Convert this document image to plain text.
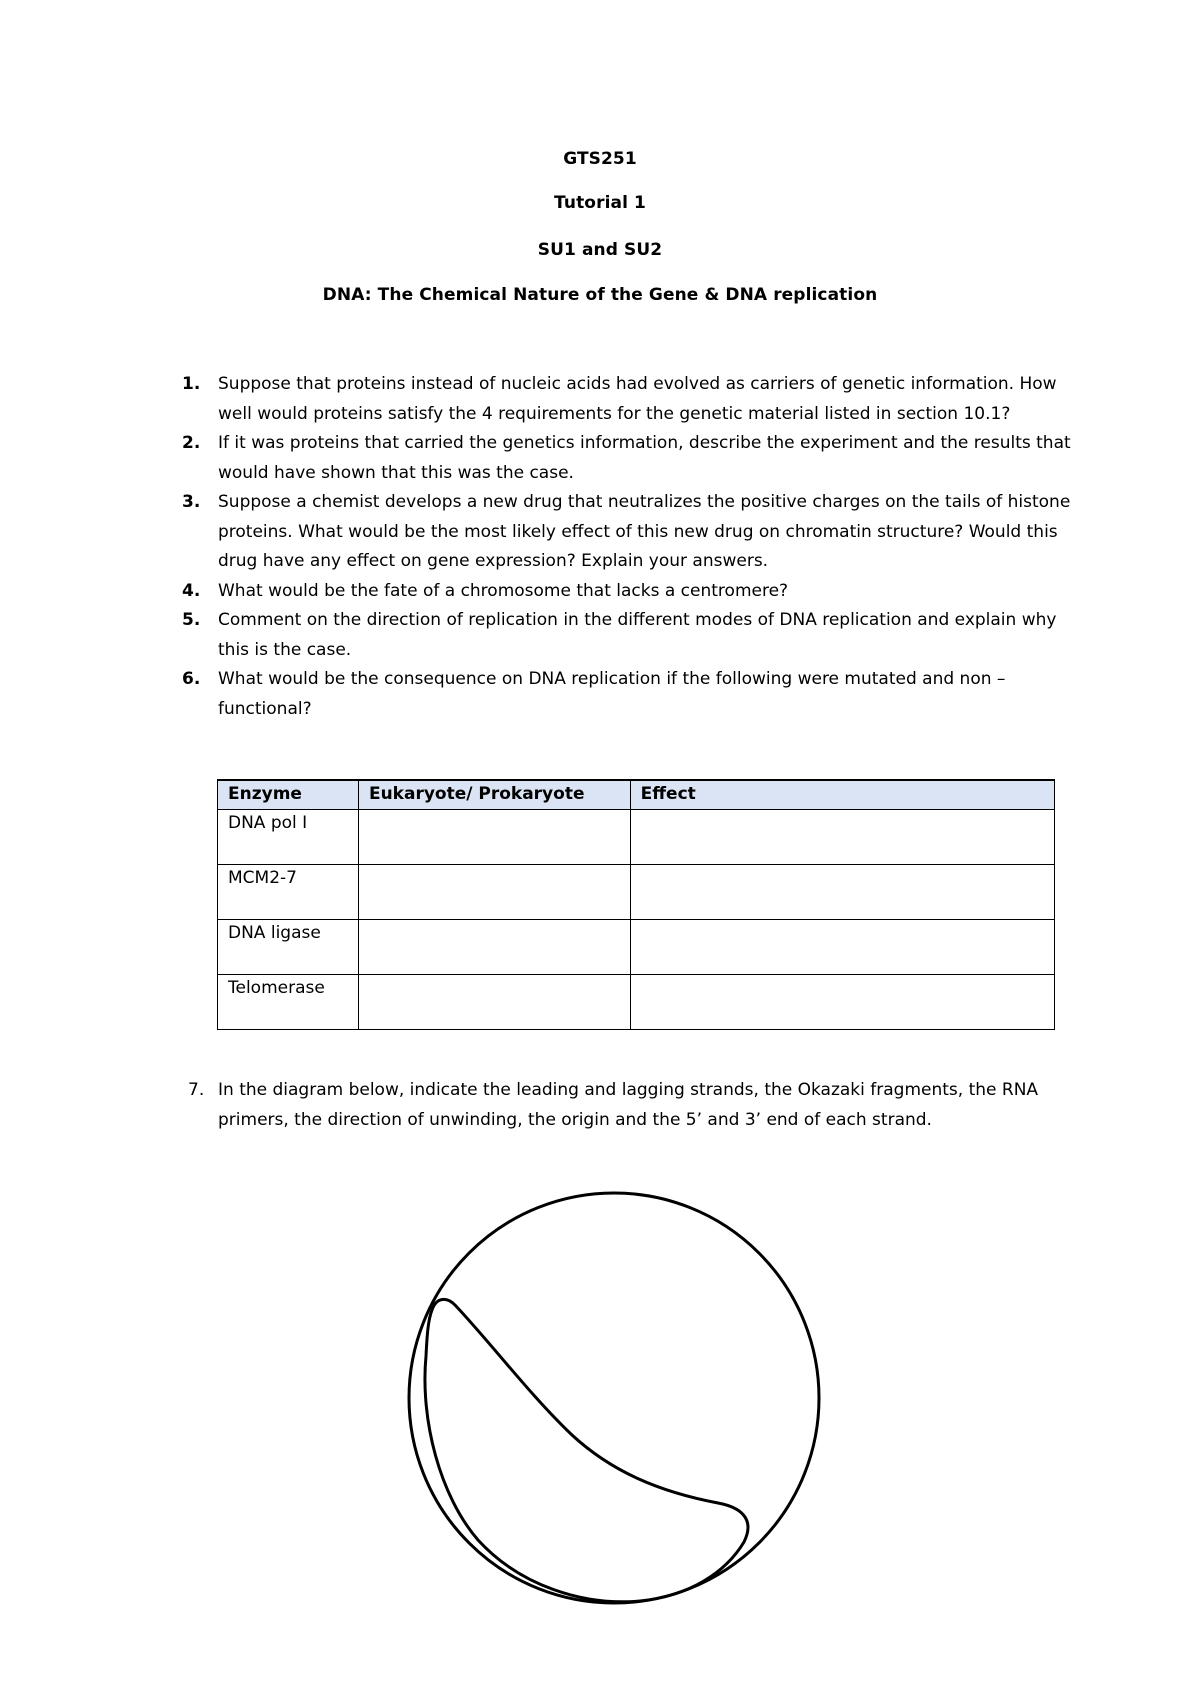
GTS251
Tutorial 1
SU1 and SU2
DNA: The Chemical Nature of the Gene & DNA replication
1.	Suppose that proteins instead of nucleic acids had evolved as carriers of genetic information. How well would proteins satisfy the 4 requirements for the genetic material listed in section 10.1?
2.	If it was proteins that carried the genetics information, describe the experiment and the results that would have shown that this was the case.
3.	Suppose a chemist develops a new drug that neutralizes the positive charges on the tails of histone proteins. What would be the most likely effect of this new drug on chromatin structure? Would this drug have any effect on gene expression? Explain your answers.
4.	What would be the fate of a chromosome that lacks a centromere?
5.	Comment on the direction of replication in the different modes of DNA replication and explain why this is the case.
6.	What would be the consequence on DNA replication if the following were mutated and non –functional?
Enzyme	Eukaryote/ Prokaryote	Effect
DNA pol I		
MCM2-7		
DNA ligase		
Telomerase		
7. In the diagram below, indicate the leading and lagging strands, the Okazaki fragments, the RNA primers, the direction of unwinding, the origin and the 5’ and 3’ end of each strand.
